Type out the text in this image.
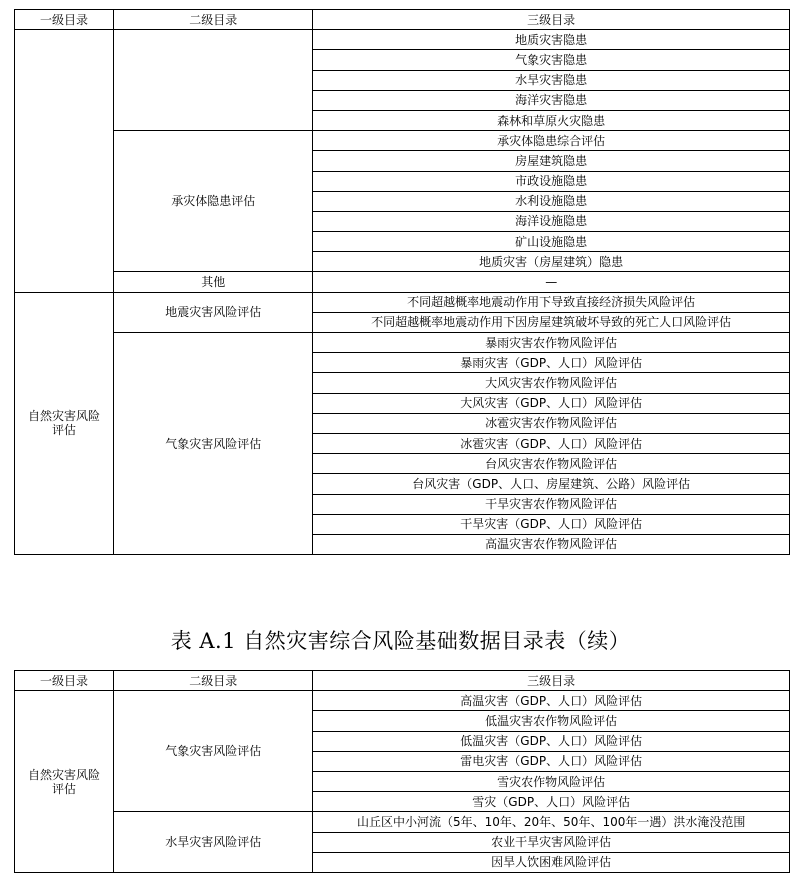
一级目录	二级目录	三级目录
		地质灾害隐患
		气象灾害隐患
		水旱灾害隐患
		海洋灾害隐患
		森林和草原火灾隐患
	承灾体隐患评估	承灾体隐患综合评估
		房屋建筑隐患
		市政设施隐患
		水利设施隐患
		海洋设施隐患
		矿山设施隐患
		地质灾害（房屋建筑）隐患
	其他	—
自然灾害风险评估	地震灾害风险评估	不同超越概率地震动作用下导致直接经济损失风险评估
		不同超越概率地震动作用下因房屋建筑破坏导致的死亡人口风险评估
	气象灾害风险评估	暴雨灾害农作物风险评估
		暴雨灾害（GDP、人口）风险评估
		大风灾害农作物风险评估
		大风灾害（GDP、人口）风险评估
		冰雹灾害农作物风险评估
		冰雹灾害（GDP、人口）风险评估
		台风灾害农作物风险评估
		台风灾害（GDP、人口、房屋建筑、公路）风险评估
		干旱灾害农作物风险评估
		干旱灾害（GDP、人口）风险评估
		高温灾害农作物风险评估
表 A.1 自然灾害综合风险基础数据目录表（续）
一级目录	二级目录	三级目录
自然灾害风险评估	气象灾害风险评估	高温灾害（GDP、人口）风险评估
		低温灾害农作物风险评估
		低温灾害（GDP、人口）风险评估
		雷电灾害（GDP、人口）风险评估
		雪灾农作物风险评估
		雪灾（GDP、人口）风险评估
	水旱灾害风险评估	山丘区中小河流（5年、10年、20年、50年、100年一遇）洪水淹没范围
		农业干旱灾害风险评估
		因旱人饮困难风险评估
